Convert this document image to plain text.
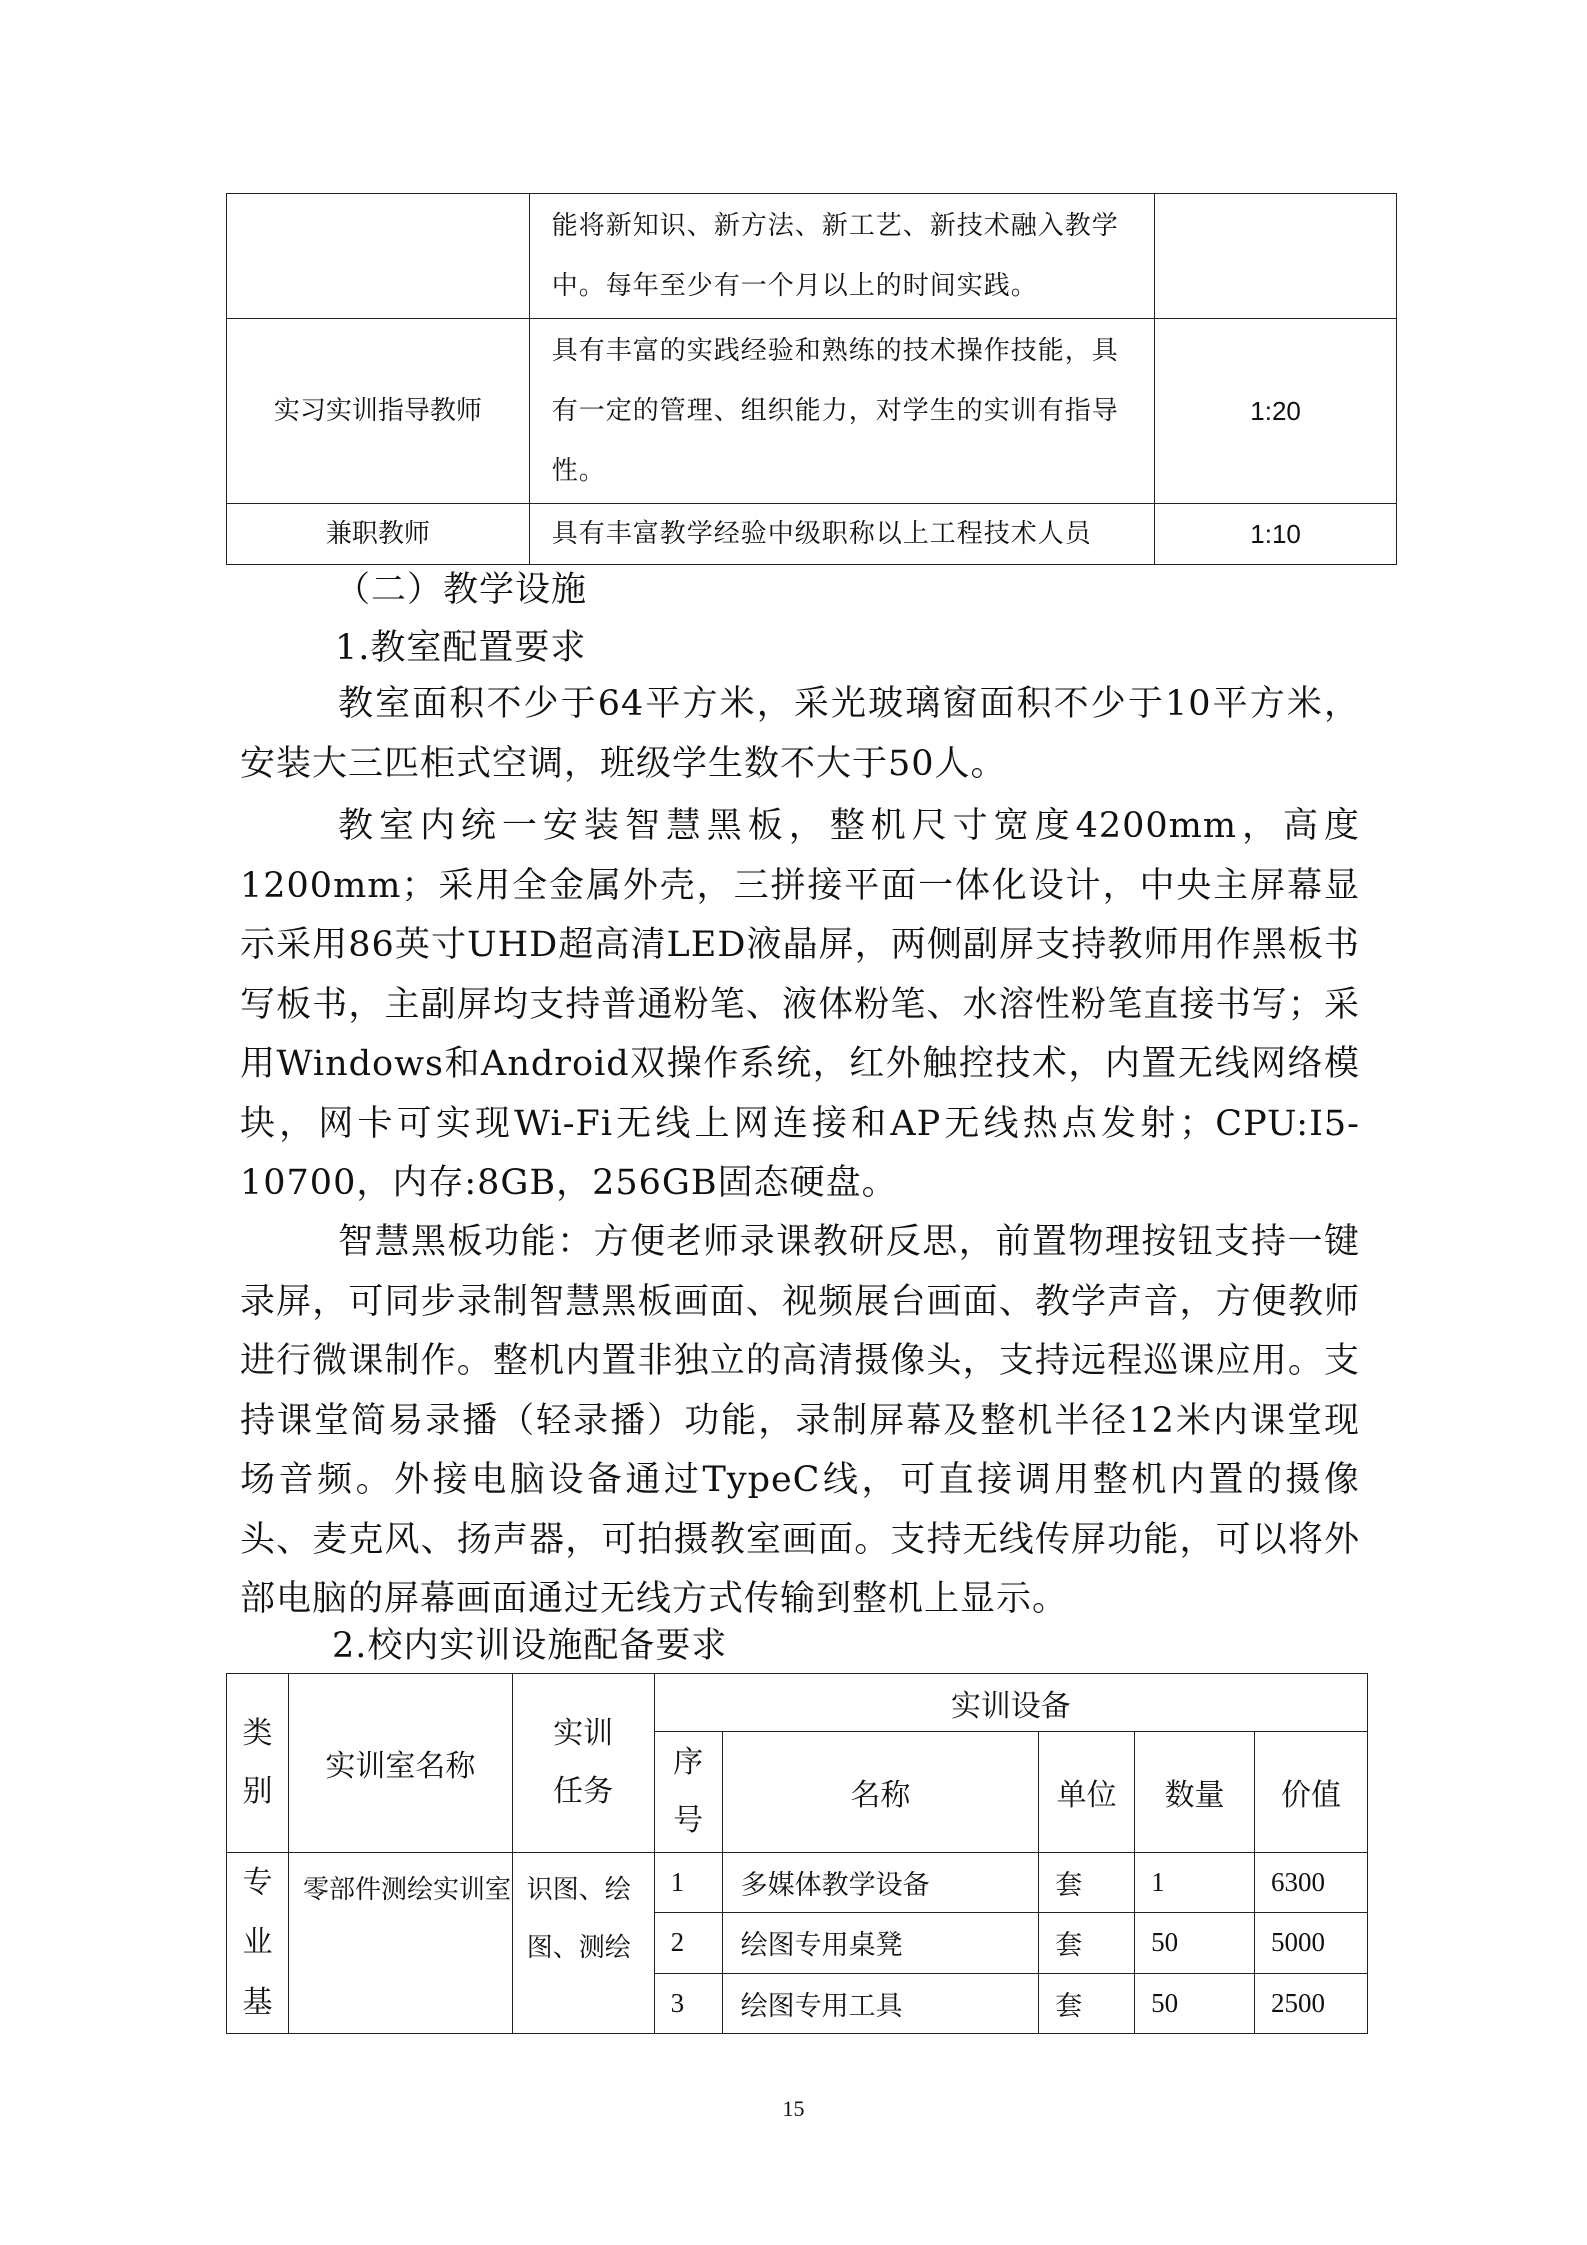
	能将新知识、新方法、新工艺、新技术融入教学中。每年至少有一个月以上的时间实践。	
实习实训指导教师	具有丰富的实践经验和熟练的技术操作技能，具有一定的管理、组织能力，对学生的实训有指导性。	1:20
兼职教师	具有丰富教学经验中级职称以上工程技术人员	1:10
（二）教学设施
1.教室配置要求
教室面积不少于64平方米，采光玻璃窗面积不少于10平方米，安装大三匹柜式空调，班级学生数不大于50人。
教室内统一安装智慧黑板，整机尺寸宽度4200mm，高度1200mm；采用全金属外壳，三拼接平面一体化设计，中央主屏幕显示采用86英寸UHD超高清LED液晶屏，两侧副屏支持教师用作黑板书写板书，主副屏均支持普通粉笔、液体粉笔、水溶性粉笔直接书写；采用Windows和Android双操作系统，红外触控技术，内置无线网络模块，网卡可实现Wi-Fi无线上网连接和AP无线热点发射；CPU:I5-10700，内存:8GB，256GB固态硬盘。
智慧黑板功能：方便老师录课教研反思，前置物理按钮支持一键录屏，可同步录制智慧黑板画面、视频展台画面、教学声音，方便教师进行微课制作。整机内置非独立的高清摄像头，支持远程巡课应用。支持课堂简易录播（轻录播）功能，录制屏幕及整机半径12米内课堂现场音频。外接电脑设备通过TypeC线，可直接调用整机内置的摄像头、麦克风、扬声器，可拍摄教室画面。支持无线传屏功能，可以将外部电脑的屏幕画面通过无线方式传输到整机上显示。
2.校内实训设施配备要求
类别	实训室名称	实训任务	实训设备				
			序号	名称	单位	数量	价值
专业基	零部件测绘实训室	识图、绘图、测绘	1	多媒体教学设备	套	1	6300
			2	绘图专用桌凳	套	50	5000
			3	绘图专用工具	套	50	2500
15
